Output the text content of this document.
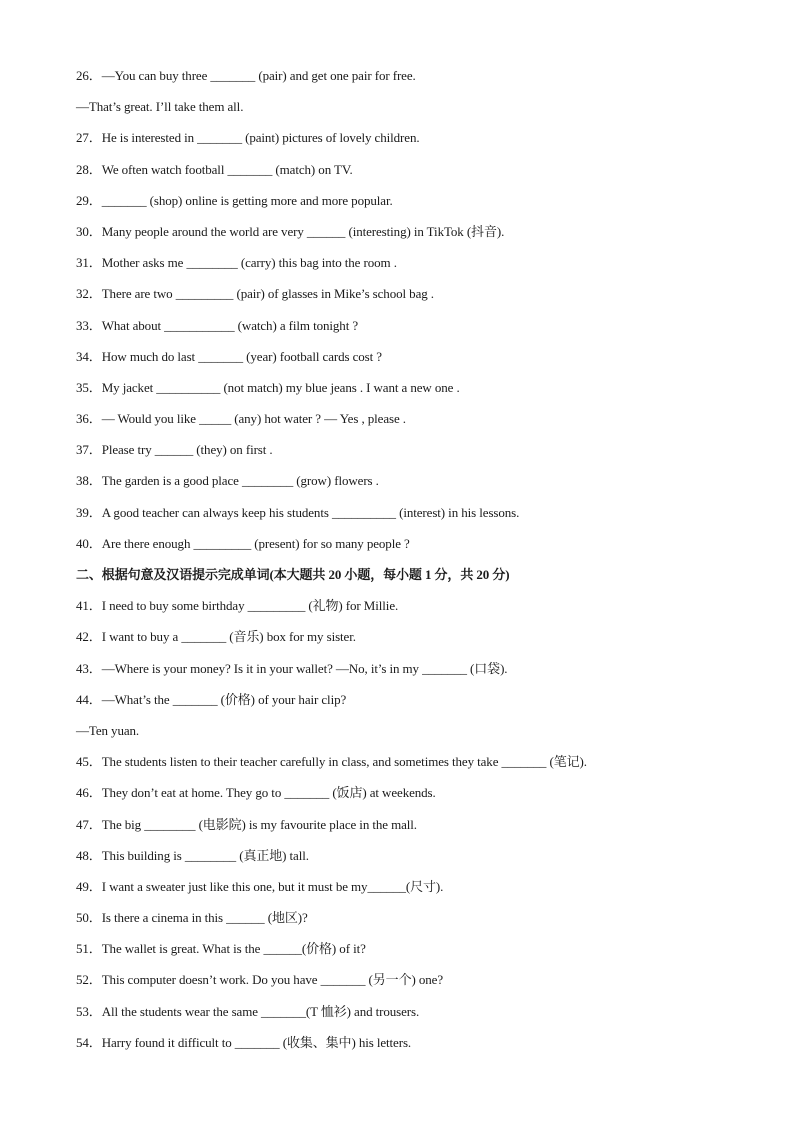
26．—You can buy three _______ (pair) and get one pair for free.
—That’s great. I’ll take them all.
27．He is interested in _______ (paint) pictures of lovely children.
28．We often watch football _______ (match) on TV.
29．_______ (shop) online is getting more and more popular.
30．Many people around the world are very ______ (interesting) in TikTok (抖音).
31．Mother asks me ________ (carry) this bag into the room .
32．There are two _________ (pair) of glasses in Mike’s school bag .
33．What about ___________ (watch) a film tonight ?
34．How much do last _______ (year) football cards cost ?
35．My jacket __________ (not match) my blue jeans . I want a new one .
36．— Would you like _____ (any) hot water ? — Yes , please .
37．Please try ______ (they) on first .
38．The garden is a good place ________ (grow) flowers .
39．A good teacher can always keep his students __________ (interest) in his lessons.
40．Are there enough _________ (present) for so many people ?
二、根据句意及汉语提示完成单词(本大题共 20 小题，每小题 1 分，共 20 分)
41．I need to buy some birthday _________ (礼物) for Millie.
42．I want to buy a _______ (音乐) box for my sister.
43．—Where is your money? Is it in your wallet? —No, it’s in my _______ (口袋).
44．—What’s the _______ (价格) of your hair clip?
—Ten yuan.
45．The students listen to their teacher carefully in class, and sometimes they take _______ (笔记).
46．They don’t eat at home. They go to _______ (饭店) at weekends.
47．The big ________ (电影院) is my favourite place in the mall.
48．This building is ________ (真正地) tall.
49．I want a sweater just like this one, but it must be my______(尺寸).
50．Is there a cinema in this ______ (地区)?
51．The wallet is great. What is the ______(价格) of it?
52．This computer doesn’t work. Do you have _______ (另一个) one?
53．All the students wear the same _______(T 恤衫) and trousers.
54．Harry found it difficult to _______ (收集、集中) his letters.
